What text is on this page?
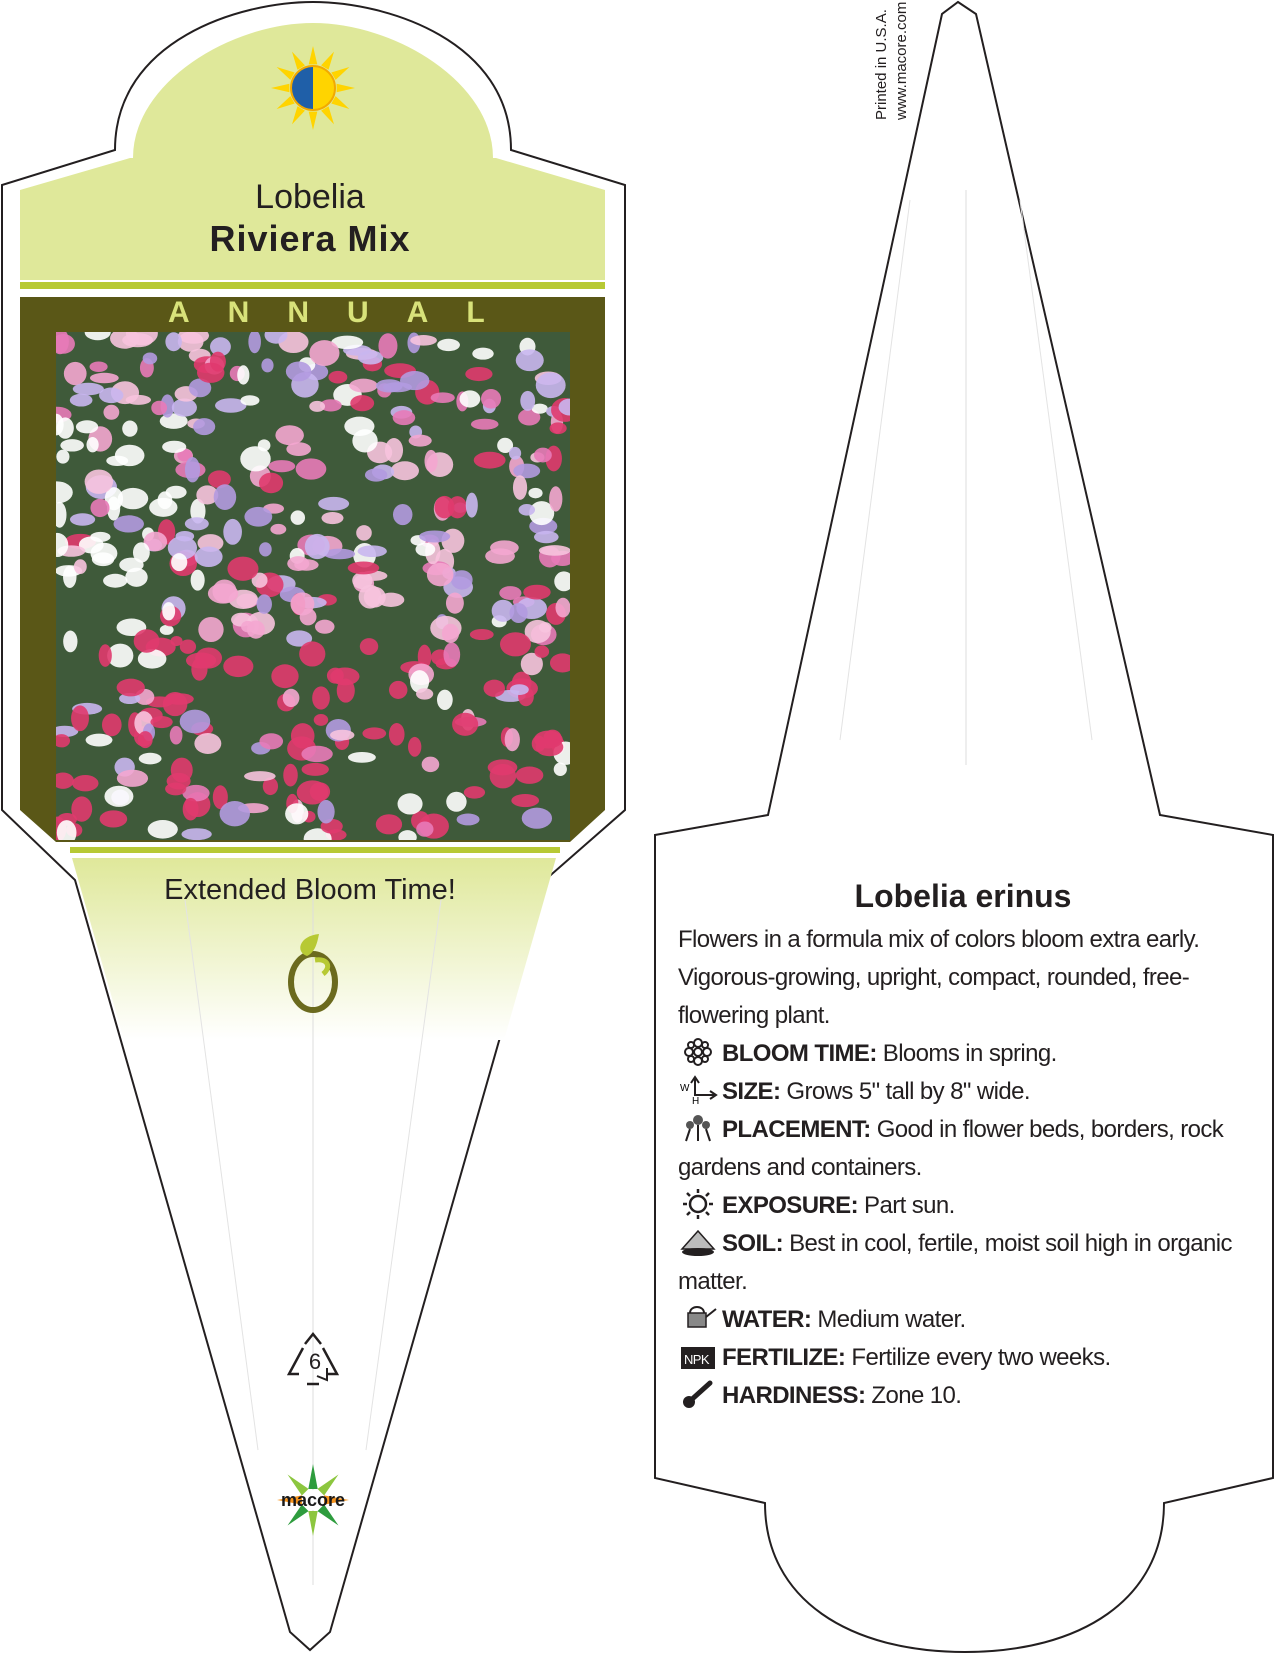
Lobelia
Riviera Mix
ANNUAL
Extended Bloom Time!
6
macore
Printed in U.S.A. www.macore.com
Lobelia erinus
Flowers in a formula mix of colors bloom extra early. Vigorous-growing, upright, compact, rounded, free-flowering plant.
BLOOM TIME: Blooms in spring.
W
H SIZE: Grows 5" tall by 8" wide.
PLACEMENT: Good in flower beds, borders, rock gardens and containers.
EXPOSURE: Part sun.
SOIL: Best in cool, fertile, moist soil high in organic matter.
WATER: Medium water.
NPK FERTILIZE: Fertilize every two weeks.
HARDINESS: Zone 10.
